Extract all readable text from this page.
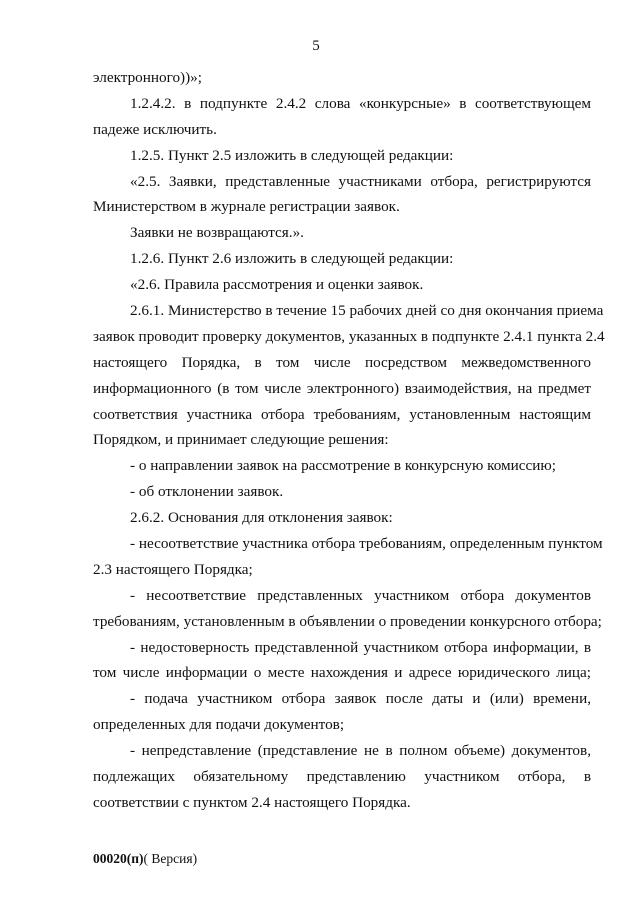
5
электронного))»;
1.2.4.2. в подпункте 2.4.2 слова «конкурсные» в соответствующем
падеже исключить.
1.2.5. Пункт 2.5 изложить в следующей редакции:
«2.5. Заявки, представленные участниками отбора, регистрируются
Министерством в журнале регистрации заявок.
Заявки не возвращаются.».
1.2.6. Пункт 2.6 изложить в следующей редакции:
«2.6. Правила рассмотрения и оценки заявок.
2.6.1. Министерство в течение 15 рабочих дней со дня окончания приема
заявок проводит проверку документов, указанных в подпункте 2.4.1 пункта 2.4
настоящего Порядка, в том числе посредством межведомственного
информационного (в том числе электронного) взаимодействия, на предмет
соответствия участника отбора требованиям, установленным настоящим
Порядком, и принимает следующие решения:
- о направлении заявок на рассмотрение в конкурсную комиссию;
- об отклонении заявок.
2.6.2. Основания для отклонения заявок:
- несоответствие участника отбора требованиям, определенным пунктом
2.3 настоящего Порядка;
- несоответствие представленных участником отбора документов
требованиям, установленным в объявлении о проведении конкурсного отбора;
- недостоверность представленной участником отбора информации, в
том числе информации о месте нахождения и адресе юридического лица;
- подача участником отбора заявок после даты и (или) времени,
определенных для подачи документов;
- непредставление (представление не в полном объеме) документов,
подлежащих обязательному представлению участником отбора, в
соответствии с пунктом 2.4 настоящего Порядка.
00020(п)( Версия)
